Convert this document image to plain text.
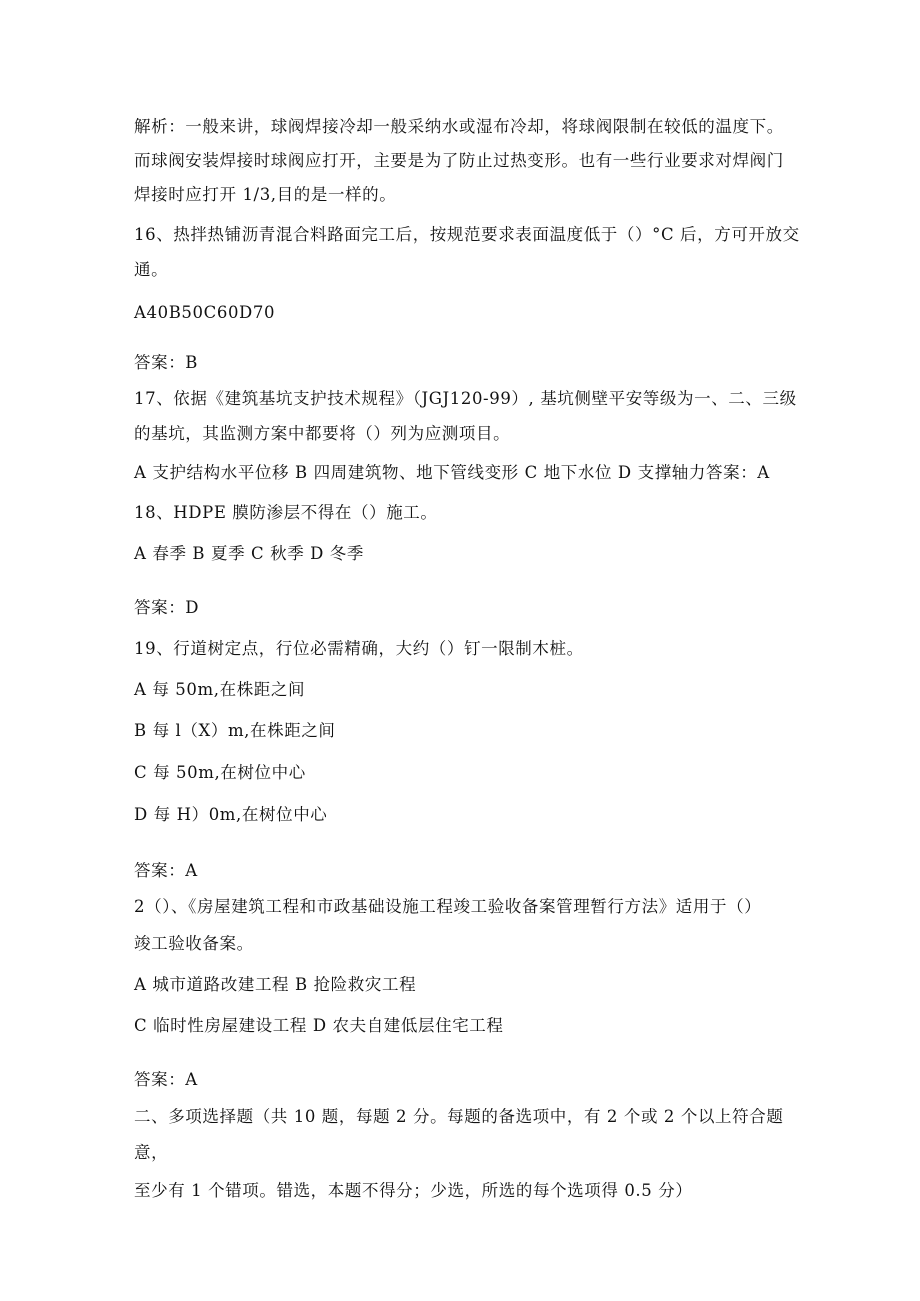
解析：一般来讲，球阀焊接冷却一般采纳水或湿布冷却，将球阀限制在较低的温度下。
而球阀安装焊接时球阀应打开，主要是为了防止过热变形。也有一些行业要求对焊阀门
焊接时应打开 1/3,目的是一样的。
16、热拌热铺沥青混合料路面完工后，按规范要求表面温度低于（）°C 后，方可开放交
通。
A40B50C60D70
答案：B
17、依据《建筑基坑支护技术规程》（JGJ120-99）, 基坑侧壁平安等级为一、二、三级
的基坑，其监测方案中都要将（）列为应测项目。
A 支护结构水平位移 B 四周建筑物、地下管线变形 C 地下水位 D 支撑轴力答案：A
18、HDPE 膜防渗层不得在（）施工。
A 春季 B 夏季 C 秋季 D 冬季
答案：D
19、行道树定点，行位必需精确，大约（）钉一限制木桩。
A 每 50m,在株距之间
B 每 l（X）m,在株距之间
C 每 50m,在树位中心
D 每 H）0m,在树位中心
答案：A
2（）、《房屋建筑工程和市政基础设施工程竣工验收备案管理暂行方法》适用于（）
竣工验收备案。
A 城市道路改建工程 B 抢险救灾工程
C 临时性房屋建设工程 D 农夫自建低层住宅工程
答案：A
二、多项选择题（共 10 题，每题 2 分。每题的备选项中，有 2 个或 2 个以上符合题
意，
至少有 1 个错项。错选，本题不得分；少选，所选的每个选项得 0.5 分）
